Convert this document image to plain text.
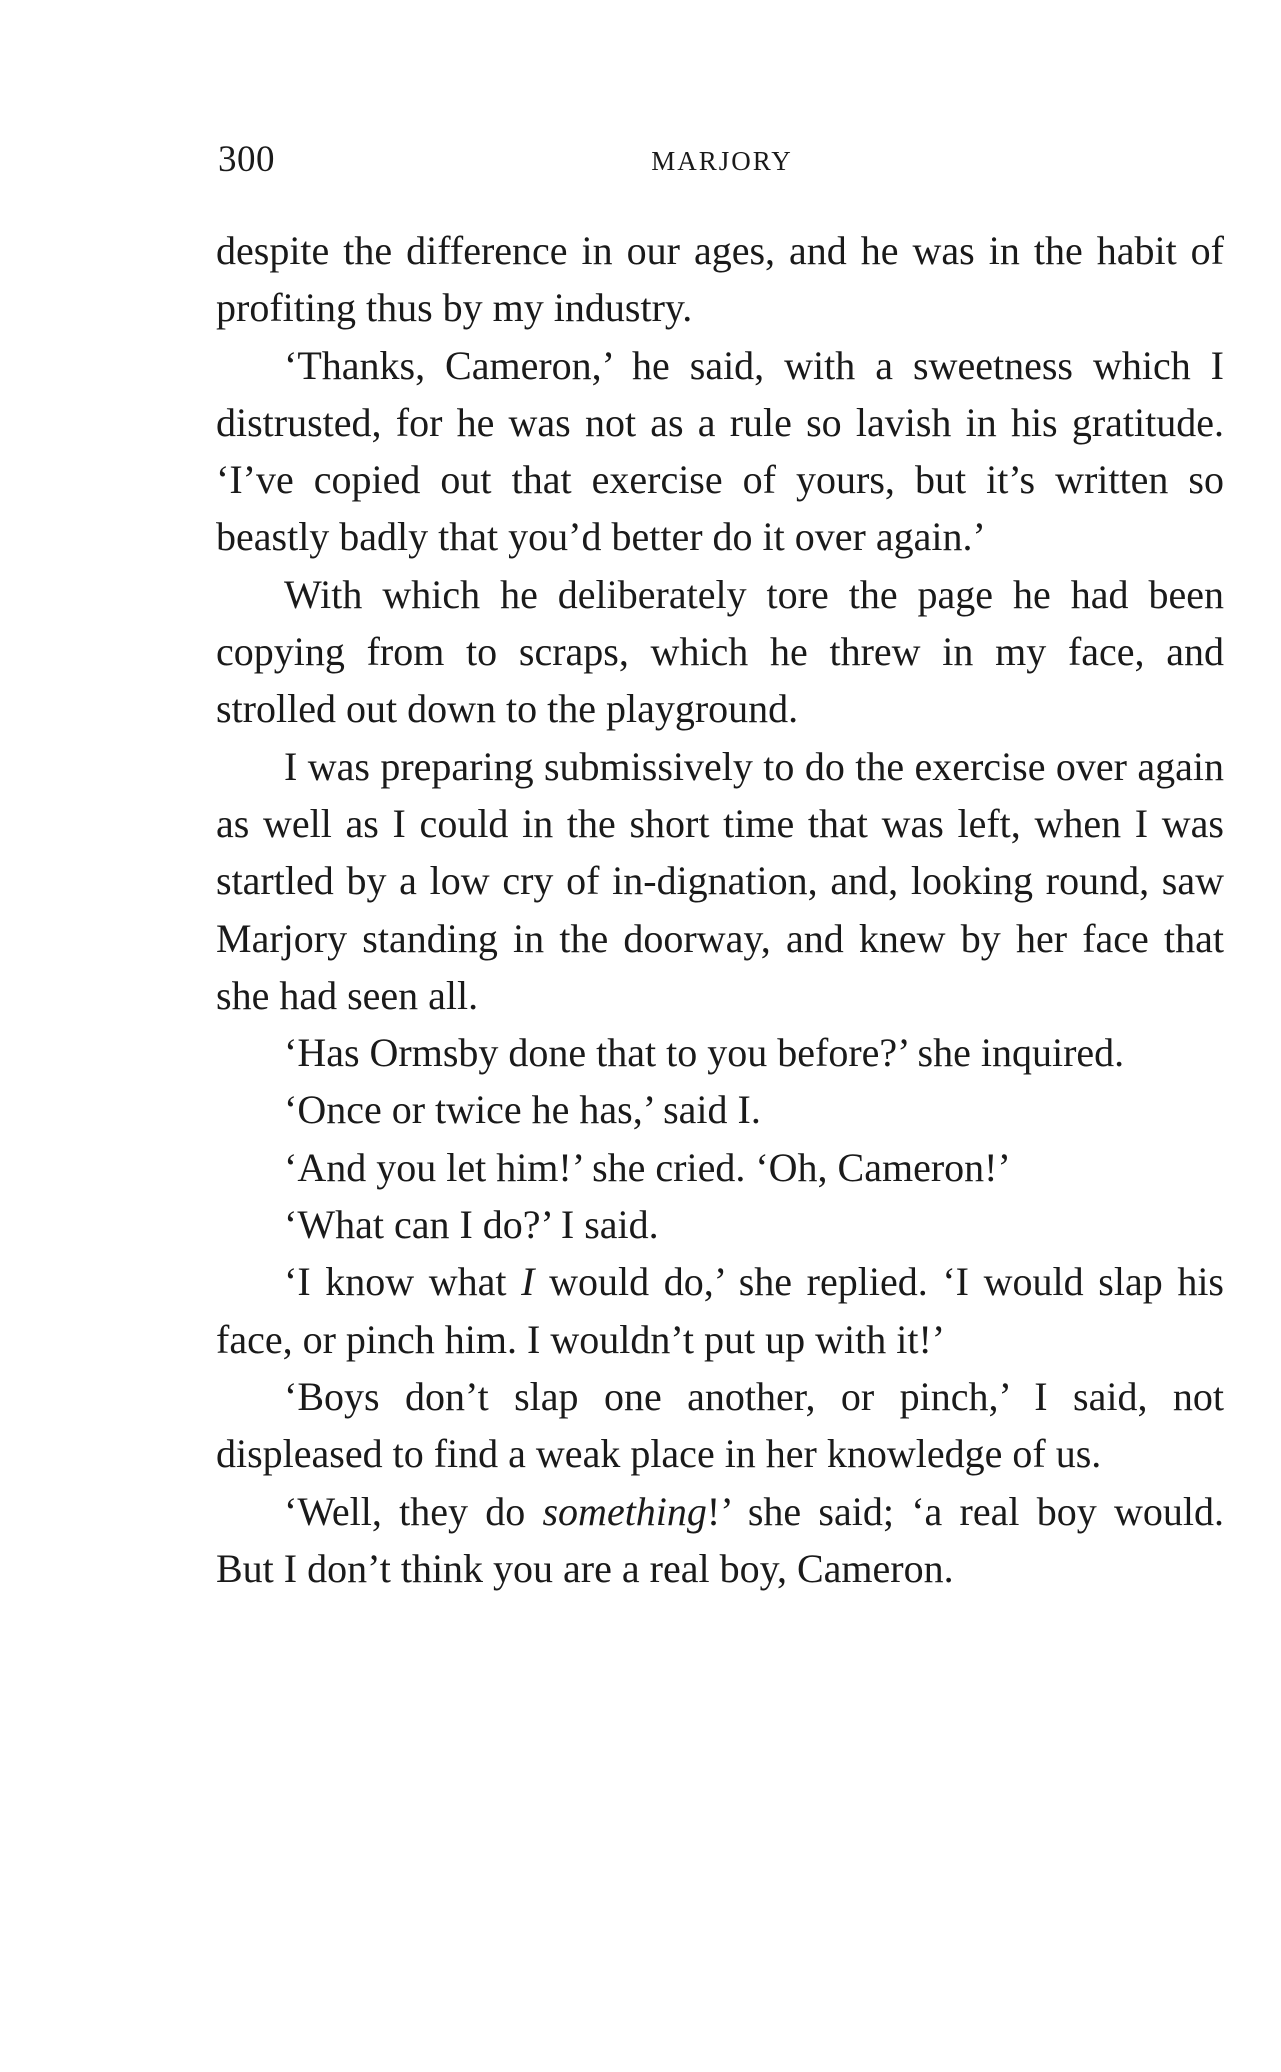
300	MARJORY

despite the difference in our ages, and he was in the habit of profiting thus by my industry.

‘Thanks, Cameron,’ he said, with a sweetness which I distrusted, for he was not as a rule so lavish in his gratitude. ‘I’ve copied out that exercise of yours, but it’s written so beastly badly that you’d better do it over again.’

With which he deliberately tore the page he had been copying from to scraps, which he threw in my face, and strolled out down to the playground.

I was preparing submissively to do the exercise over again as well as I could in the short time that was left, when I was startled by a low cry of in-dignation, and, looking round, saw Marjory standing in the doorway, and knew by her face that she had seen all.

‘Has Ormsby done that to you before?’ she inquired.

‘Once or twice he has,’ said I.

‘And you let him!’ she cried. ‘Oh, Cameron!’

‘What can I do?’ I said.

‘I know what I would do,’ she replied. ‘I would slap his face, or pinch him. I wouldn’t put up with it!’

‘Boys don’t slap one another, or pinch,’ I said, not displeased to find a weak place in her knowledge of us.

‘Well, they do something!’ she said; ‘a real boy would. But I don’t think you are a real boy, Cameron.
